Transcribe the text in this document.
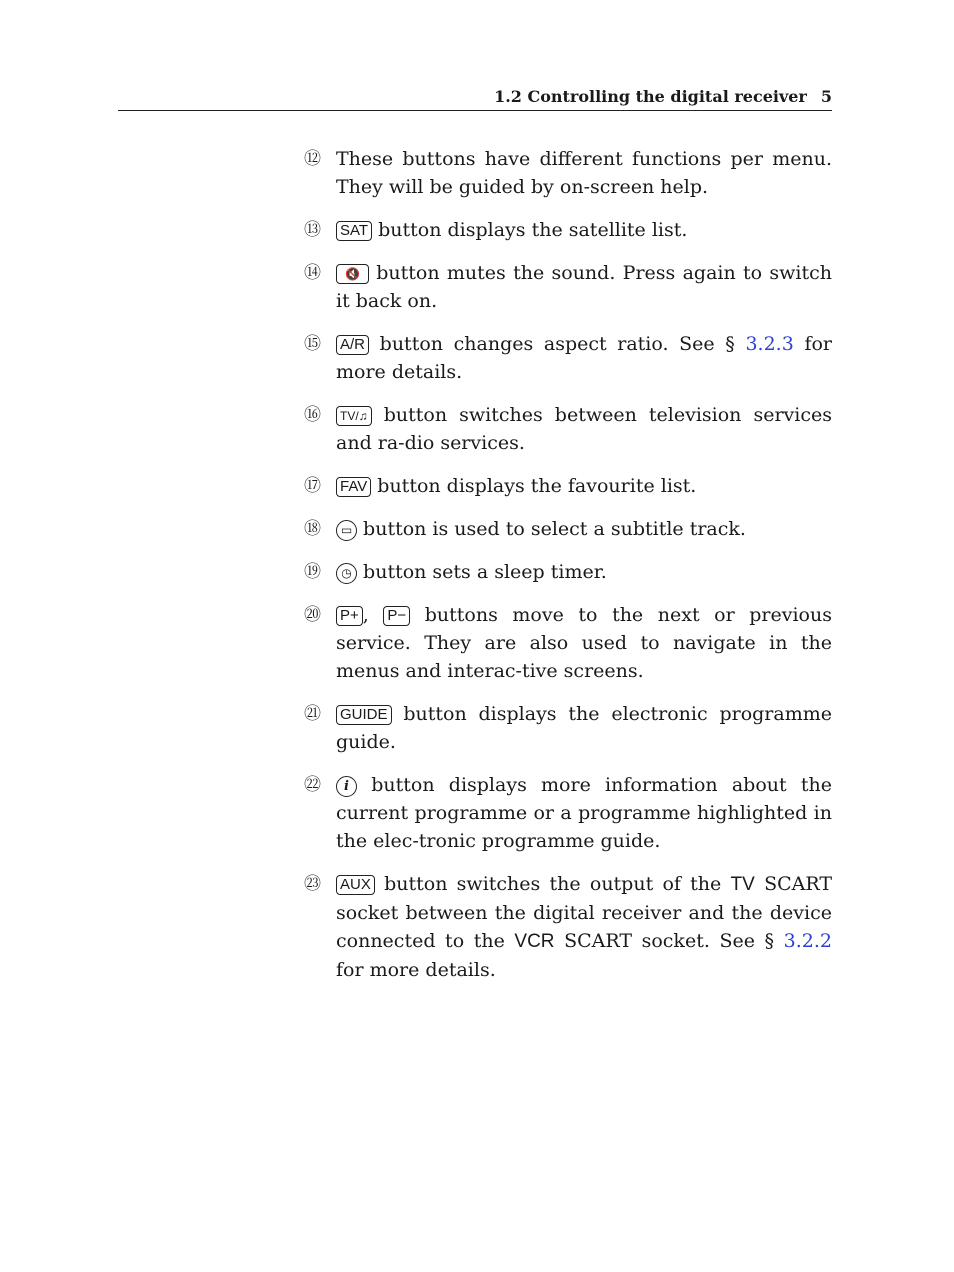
1.2 Controlling the digital receiver 5
⑫ These buttons have different functions per menu. They will be guided by on-screen help.
⑬	SAT button displays the satellite list.
⑭	🔇 button mutes the sound. Press again to switch it back on.
⑮	A/R button changes aspect ratio. See § 3.2.3 for more details.
⑯	TV/♫ button switches between television services and ra-dio services.
⑰	FAV button displays the favourite list.
⑱	▭ button is used to select a subtitle track.
⑲	◷ button sets a sleep timer.
⑳	P+ , P− buttons move to the next or previous service. They are also used to navigate in the menus and interac-tive screens.
㉑	GUIDE button displays the electronic programme guide.
㉒	i button displays more information about the current programme or a programme highlighted in the elec-tronic programme guide.
㉓	AUX button switches the output of the TV SCART socket between the digital receiver and the device connected to the VCR SCART socket. See § 3.2.2 for more details.
